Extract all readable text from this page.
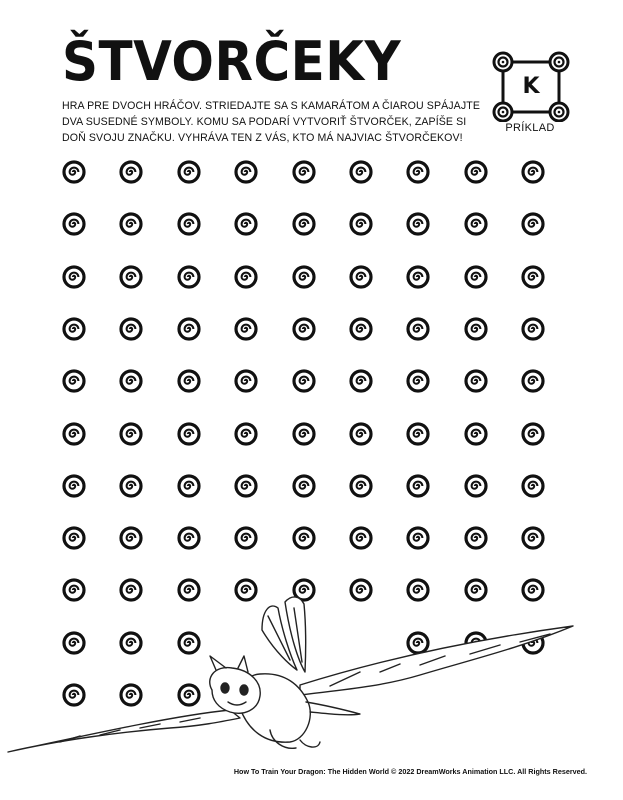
ŠTVORČEKY

HRA PRE DVOCH HRÁČOV. STRIEDAJTE SA S KAMARÁTOM A ČIAROU SPÁJAJTE DVA SUSEDNÉ SYMBOLY. KOMU SA PODARÍ VYTVORIŤ ŠTVORČEK, ZAPÍŠE SI DOŇ SVOJU ZNAČKU. VYHRÁVA TEN Z VÁS, KTO MÁ NAJVIAC ŠTVORČEKOV!

K
PRÍKLAD
How To Train Your Dragon: The Hidden World © 2022 DreamWorks Animation LLC. All Rights Reserved.
